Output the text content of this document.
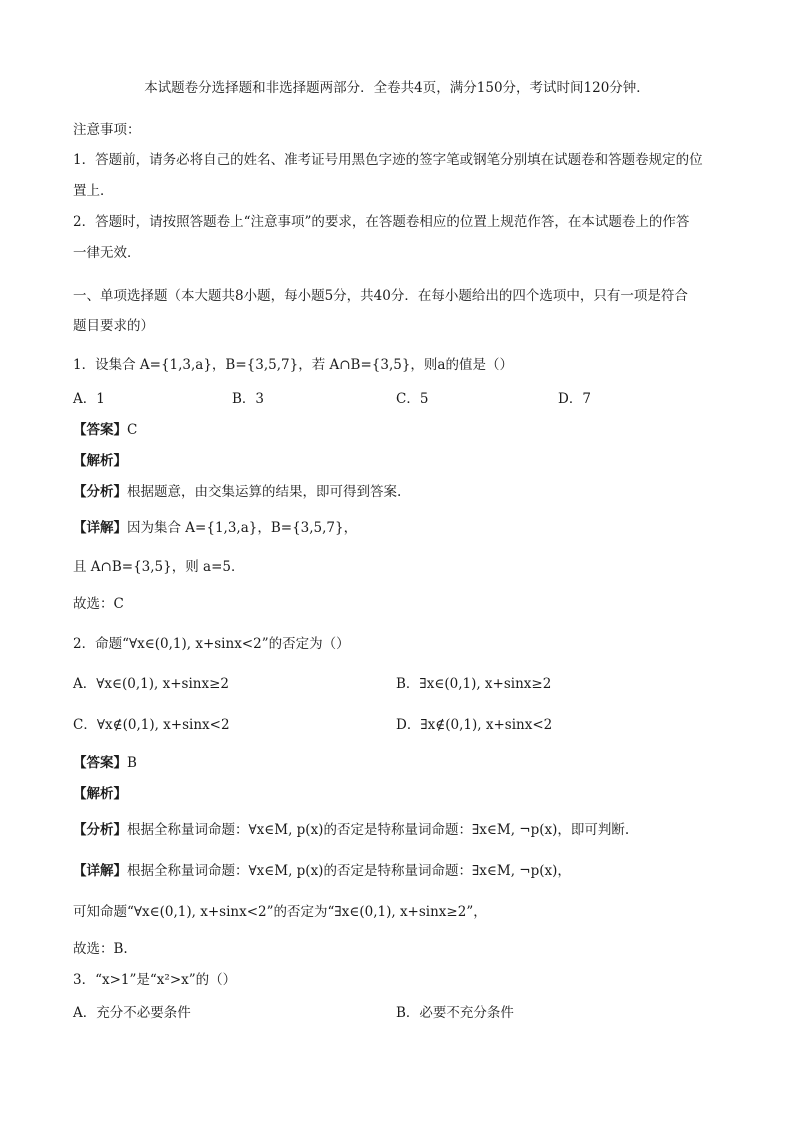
本试题卷分选择题和非选择题两部分．全卷共4页，满分150分，考试时间120分钟．
注意事项：
1．答题前，请务必将自己的姓名、准考证号用黑色字迹的签字笔或钢笔分别填在试题卷和答题卷规定的位
置上．
2．答题时，请按照答题卷上“注意事项”的要求，在答题卷相应的位置上规范作答，在本试题卷上的作答
一律无效．
一、单项选择题（本大题共8小题，每小题5分，共40分．在每小题给出的四个选项中，只有一项是符合
题目要求的）
1．设集合 A={1,3,a}，B={3,5,7}，若 A∩B={3,5}，则a的值是（）
A．1	B．3	C．5	D．7
【答案】C
【解析】
【分析】根据题意，由交集运算的结果，即可得到答案.
【详解】因为集合 A={1,3,a}，B={3,5,7}，
且 A∩B={3,5}，则 a=5．
故选：C
2．命题“∀x∈(0,1), x+sinx<2”的否定为（）
A．∀x∈(0,1), x+sinx≥2	B．∃x∈(0,1), x+sinx≥2
C．∀x∉(0,1), x+sinx<2	D．∃x∉(0,1), x+sinx<2
【答案】B
【解析】
【分析】根据全称量词命题：∀x∈M, p(x)的否定是特称量词命题：∃x∈M, ¬p(x)，即可判断.
【详解】根据全称量词命题：∀x∈M, p(x)的否定是特称量词命题：∃x∈M, ¬p(x)，
可知命题“∀x∈(0,1), x+sinx<2”的否定为“∃x∈(0,1), x+sinx≥2”，
故选：B.
3．“x>1”是“x²>x”的（）
A．充分不必要条件	B．必要不充分条件
